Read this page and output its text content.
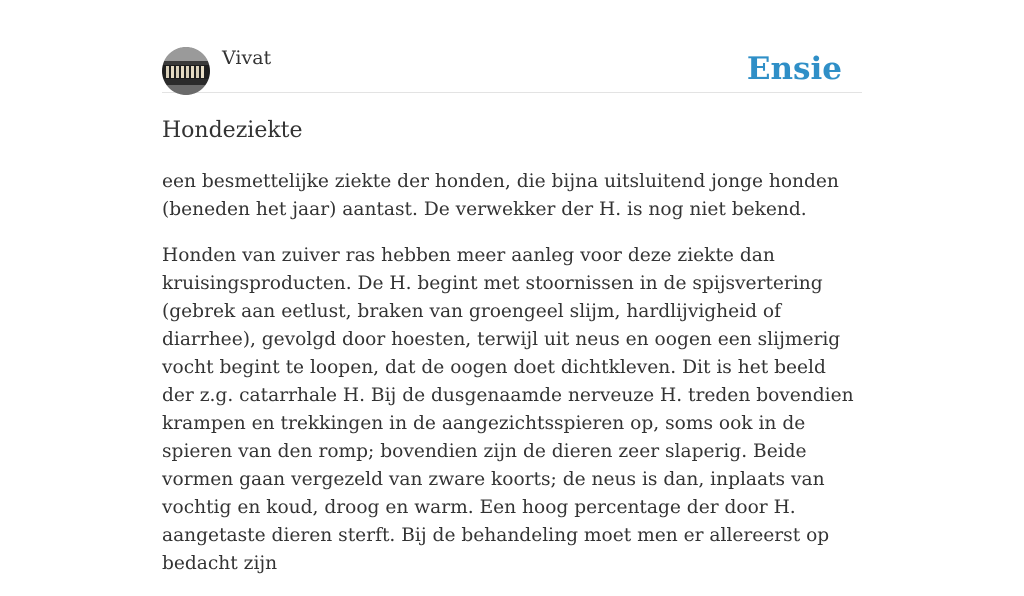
Vivat	Ensie
Hondeziekte

een besmettelijke ziekte der honden, die bijna uitsluitend jonge honden (beneden het jaar) aantast. De verwekker der H. is nog niet bekend.

Honden van zuiver ras hebben meer aanleg voor deze ziekte dan kruisingsproducten. De H. begint met stoornissen in de spijsvertering (gebrek aan eetlust, braken van groengeel slijm, hardlijvigheid of diarrhee), gevolgd door hoesten, terwijl uit neus en oogen een slijmerig vocht begint te loopen, dat de oogen doet dichtkleven. Dit is het beeld der z.g. catarrhale H. Bij de dusgenaamde nerveuze H. treden bovendien krampen en trekkingen in de aangezichtsspieren op, soms ook in de spieren van den romp; bovendien zijn de dieren zeer slaperig. Beide vormen gaan vergezeld van zware koorts; de neus is dan, inplaats van vochtig en koud, droog en warm. Een hoog percentage der door H. aangetaste dieren sterft. Bij de behandeling moet men er allereerst op bedacht zijn
